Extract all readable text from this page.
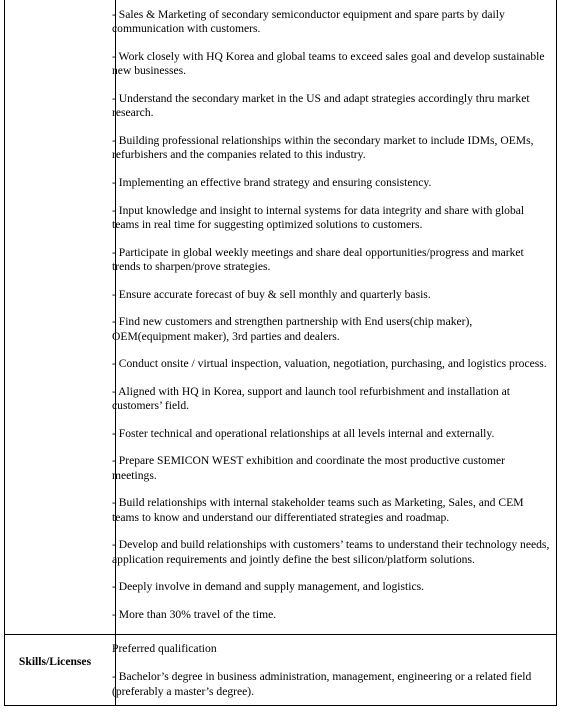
- Sales & Marketing of secondary semiconductor equipment and spare parts by daily communication with customers.

- Work closely with HQ Korea and global teams to exceed sales goal and develop sustainable new businesses.

- Understand the secondary market in the US and adapt strategies accordingly thru market research.

- Building professional relationships within the secondary market to include IDMs, OEMs, refurbishers and the companies related to this industry.

- Implementing an effective brand strategy and ensuring consistency.

- Input knowledge and insight to internal systems for data integrity and share with global teams in real time for suggesting optimized solutions to customers.

- Participate in global weekly meetings and share deal opportunities/progress and market trends to sharpen/prove strategies.

- Ensure accurate forecast of buy & sell monthly and quarterly basis.

- Find new customers and strengthen partnership with End users(chip maker), OEM(equipment maker), 3rd parties and dealers.

- Conduct onsite / virtual inspection, valuation, negotiation, purchasing, and logistics process.

- Aligned with HQ in Korea, support and launch tool refurbishment and installation at customers’ field.

- Foster technical and operational relationships at all levels internal and externally.

- Prepare SEMICON WEST exhibition and coordinate the most productive customer meetings.

- Build relationships with internal stakeholder teams such as Marketing, Sales, and CEM teams to know and understand our differentiated strategies and roadmap.

- Develop and build relationships with customers’ teams to understand their technology needs, application requirements and jointly define the best silicon/platform solutions.

- Deeply involve in demand and supply management, and logistics.

- More than 30% travel of the time.

Skills/Licenses

Preferred qualification

- Bachelor’s degree in business administration, management, engineering or a related field (preferably a master’s degree).
